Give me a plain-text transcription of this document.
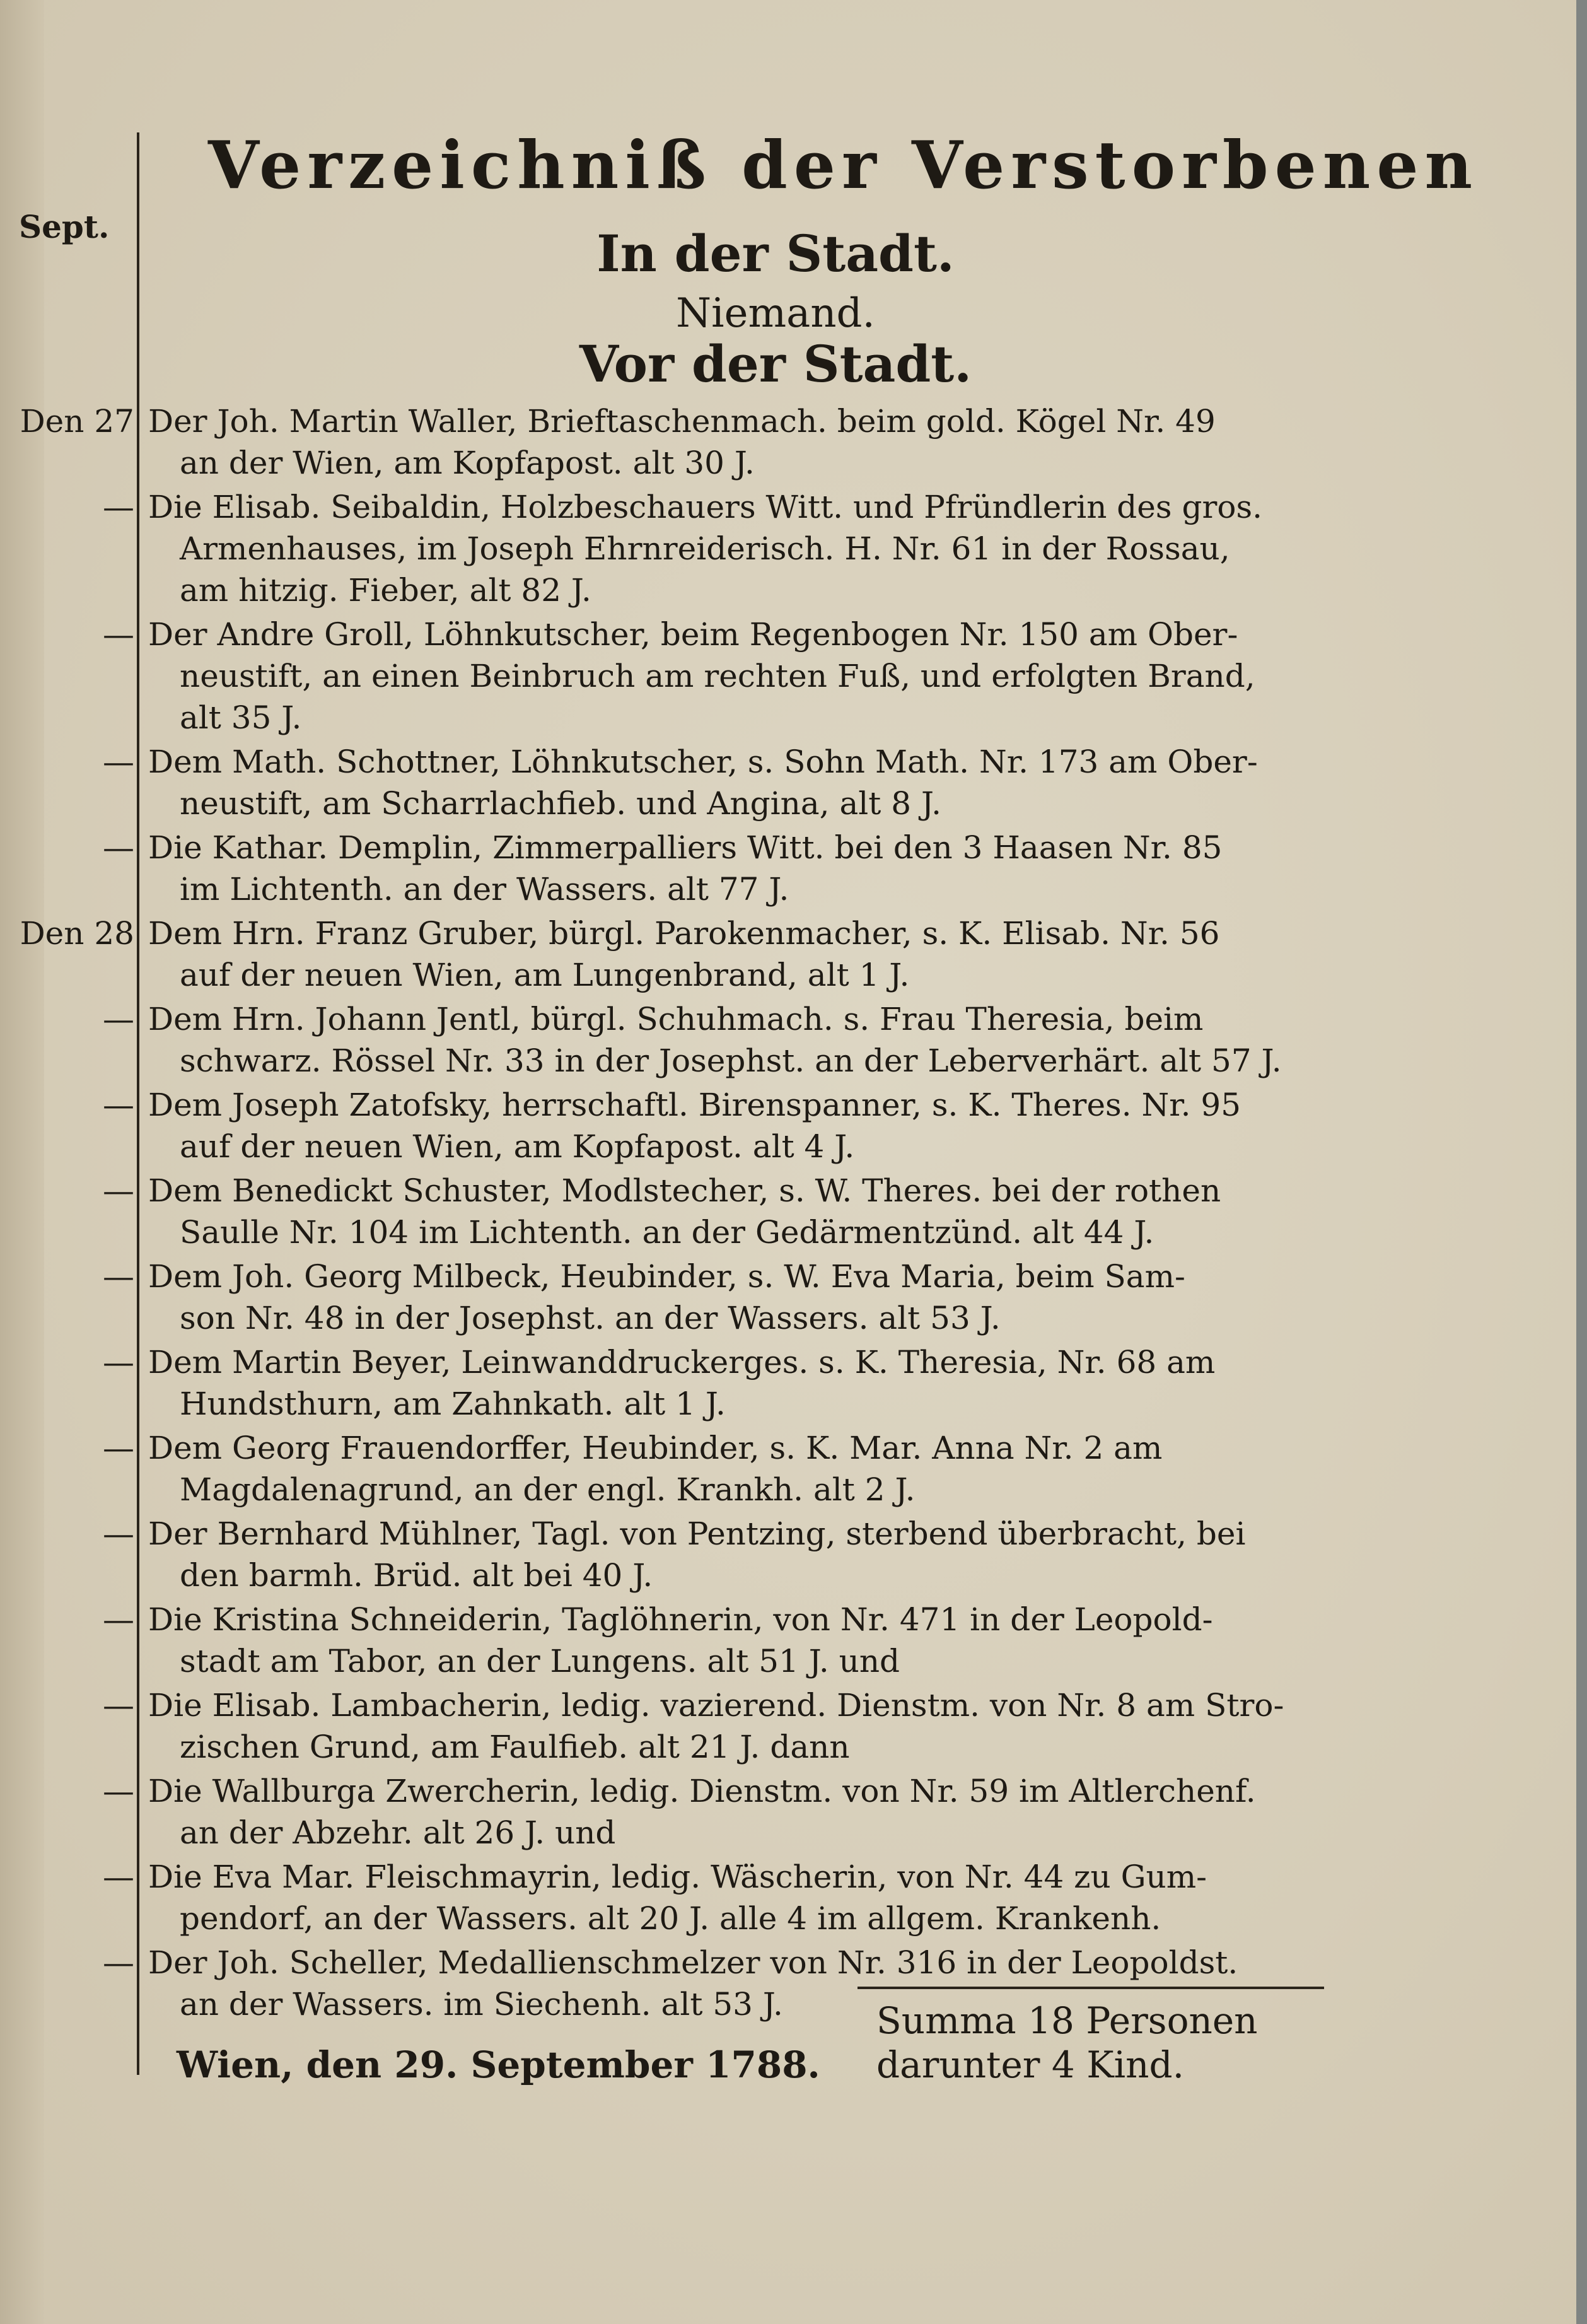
Sept.
Verzeichniß der Verstorbenen
In der Stadt.
Niemand.
Vor der Stadt.
Den 27 Der Joh. Martin Waller, Brieftaschenmach. beim gold. Kögel Nr. 49
an der Wien, am Kopfapost. alt 30 J.
— Die Elisab. Seibaldin, Holzbeschauers Witt. und Pfründlerin des gros.
Armenhauses, im Joseph Ehrnreiderisch. H. Nr. 61 in der Rossau,
am hitzig. Fieber, alt 82 J.
— Der Andre Groll, Löhnkutscher, beim Regenbogen Nr. 150 am Ober-
neustift, an einen Beinbruch am rechten Fuß, und erfolgten Brand,
alt 35 J.
— Dem Math. Schottner, Löhnkutscher, s. Sohn Math. Nr. 173 am Ober-
neustift, am Scharrlachfieb. und Angina, alt 8 J.
— Die Kathar. Demplin, Zimmerpalliers Witt. bei den 3 Haasen Nr. 85
im Lichtenth. an der Wassers. alt 77 J.
Den 28 Dem Hrn. Franz Gruber, bürgl. Parokenmacher, s. K. Elisab. Nr. 56
auf der neuen Wien, am Lungenbrand, alt 1 J.
— Dem Hrn. Johann Jentl, bürgl. Schuhmach. s. Frau Theresia, beim
schwarz. Rössel Nr. 33 in der Josephst. an der Leberverhärt. alt 57 J.
— Dem Joseph Zatofsky, herrschaftl. Birenspanner, s. K. Theres. Nr. 95
auf der neuen Wien, am Kopfapost. alt 4 J.
— Dem Benedickt Schuster, Modlstecher, s. W. Theres. bei der rothen
Saulle Nr. 104 im Lichtenth. an der Gedärmentzünd. alt 44 J.
— Dem Joh. Georg Milbeck, Heubinder, s. W. Eva Maria, beim Sam-
son Nr. 48 in der Josephst. an der Wassers. alt 53 J.
— Dem Martin Beyer, Leinwanddruckerges. s. K. Theresia, Nr. 68 am
Hundsthurn, am Zahnkath. alt 1 J.
— Dem Georg Frauendorffer, Heubinder, s. K. Mar. Anna Nr. 2 am
Magdalenagrund, an der engl. Krankh. alt 2 J.
— Der Bernhard Mühlner, Tagl. von Pentzing, sterbend überbracht, bei
den barmh. Brüd. alt bei 40 J.
— Die Kristina Schneiderin, Taglöhnerin, von Nr. 471 in der Leopold-
stadt am Tabor, an der Lungens. alt 51 J. und
— Die Elisab. Lambacherin, ledig. vazierend. Dienstm. von Nr. 8 am Stro-
zischen Grund, am Faulfieb. alt 21 J. dann
— Die Wallburga Zwercherin, ledig. Dienstm. von Nr. 59 im Altlerchenf.
an der Abzehr. alt 26 J. und
— Die Eva Mar. Fleischmayrin, ledig. Wäscherin, von Nr. 44 zu Gum-
pendorf, an der Wassers. alt 20 J. alle 4 im allgem. Krankenh.
— Der Joh. Scheller, Medallienschmelzer von Nr. 316 in der Leopoldst.
an der Wassers. im Siechenh. alt 53 J.	Summa 18 Personen
darunter 4 Kind.
Wien, den 29. September 1788.
